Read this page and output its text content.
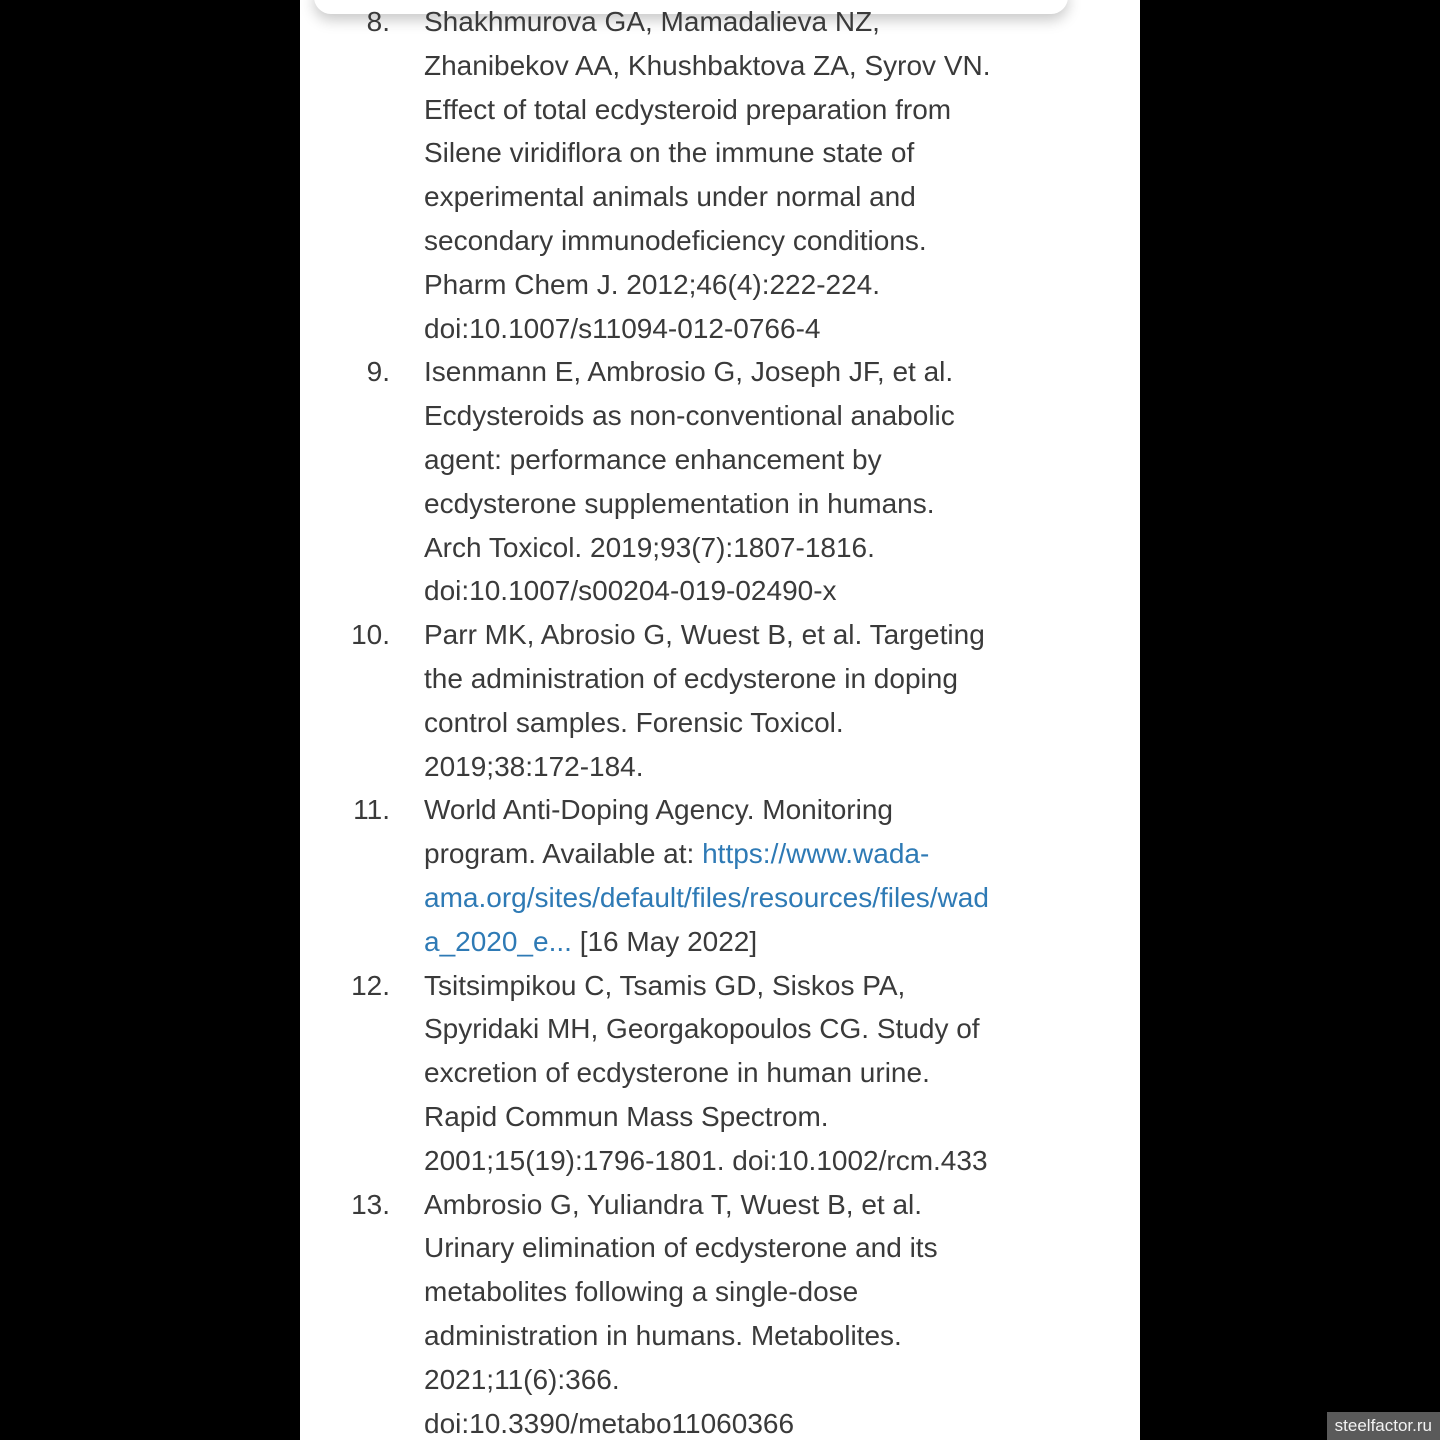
8. Shakhmurova GA, Mamadalieva NZ,
Zhanibekov AA, Khushbaktova ZA, Syrov VN.
Effect of total ecdysteroid preparation from
Silene viridiflora on the immune state of
experimental animals under normal and
secondary immunodeficiency conditions.
Pharm Chem J. 2012;46(4):222-224.
doi:10.1007/s11094-012-0766-4
9. Isenmann E, Ambrosio G, Joseph JF, et al.
Ecdysteroids as non-conventional anabolic
agent: performance enhancement by
ecdysterone supplementation in humans.
Arch Toxicol. 2019;93(7):1807-1816.
doi:10.1007/s00204-019-02490-x
10. Parr MK, Abrosio G, Wuest B, et al. Targeting
the administration of ecdysterone in doping
control samples. Forensic Toxicol.
2019;38:172-184.
11. World Anti-Doping Agency. Monitoring
program. Available at: https://www.wada-
ama.org/sites/default/files/resources/files/wad
a_2020_e... [16 May 2022]
12. Tsitsimpikou C, Tsamis GD, Siskos PA,
Spyridaki MH, Georgakopoulos CG. Study of
excretion of ecdysterone in human urine.
Rapid Commun Mass Spectrom.
2001;15(19):1796-1801. doi:10.1002/rcm.433
13. Ambrosio G, Yuliandra T, Wuest B, et al.
Urinary elimination of ecdysterone and its
metabolites following a single-dose
administration in humans. Metabolites.
2021;11(6):366.
doi:10.3390/metabo11060366	steelfactor.ru
